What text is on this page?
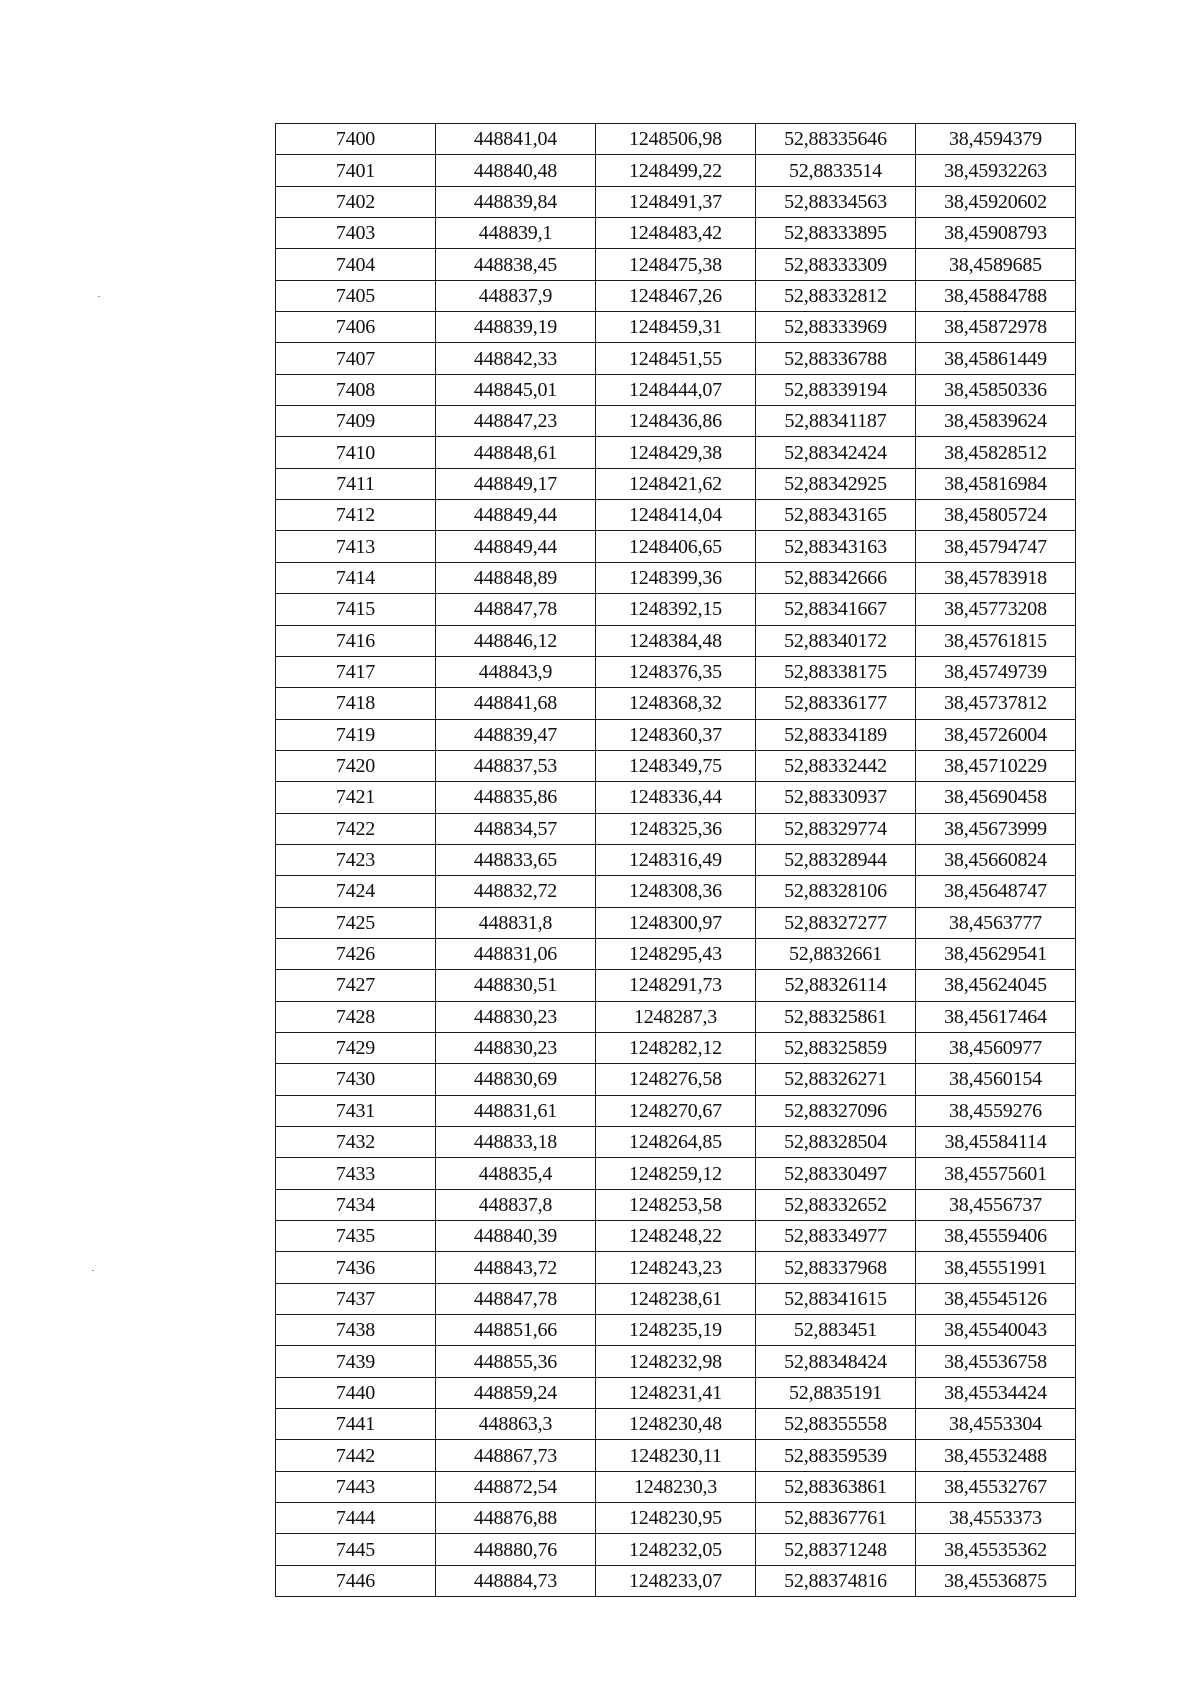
7400	448841,04	1248506,98	52,88335646	38,4594379
7401	448840,48	1248499,22	52,8833514	38,45932263
7402	448839,84	1248491,37	52,88334563	38,45920602
7403	448839,1	1248483,42	52,88333895	38,45908793
7404	448838,45	1248475,38	52,88333309	38,4589685
7405	448837,9	1248467,26	52,88332812	38,45884788
7406	448839,19	1248459,31	52,88333969	38,45872978
7407	448842,33	1248451,55	52,88336788	38,45861449
7408	448845,01	1248444,07	52,88339194	38,45850336
7409	448847,23	1248436,86	52,88341187	38,45839624
7410	448848,61	1248429,38	52,88342424	38,45828512
7411	448849,17	1248421,62	52,88342925	38,45816984
7412	448849,44	1248414,04	52,88343165	38,45805724
7413	448849,44	1248406,65	52,88343163	38,45794747
7414	448848,89	1248399,36	52,88342666	38,45783918
7415	448847,78	1248392,15	52,88341667	38,45773208
7416	448846,12	1248384,48	52,88340172	38,45761815
7417	448843,9	1248376,35	52,88338175	38,45749739
7418	448841,68	1248368,32	52,88336177	38,45737812
7419	448839,47	1248360,37	52,88334189	38,45726004
7420	448837,53	1248349,75	52,88332442	38,45710229
7421	448835,86	1248336,44	52,88330937	38,45690458
7422	448834,57	1248325,36	52,88329774	38,45673999
7423	448833,65	1248316,49	52,88328944	38,45660824
7424	448832,72	1248308,36	52,88328106	38,45648747
7425	448831,8	1248300,97	52,88327277	38,4563777
7426	448831,06	1248295,43	52,8832661	38,45629541
7427	448830,51	1248291,73	52,88326114	38,45624045
7428	448830,23	1248287,3	52,88325861	38,45617464
7429	448830,23	1248282,12	52,88325859	38,4560977
7430	448830,69	1248276,58	52,88326271	38,4560154
7431	448831,61	1248270,67	52,88327096	38,4559276
7432	448833,18	1248264,85	52,88328504	38,45584114
7433	448835,4	1248259,12	52,88330497	38,45575601
7434	448837,8	1248253,58	52,88332652	38,4556737
7435	448840,39	1248248,22	52,88334977	38,45559406
7436	448843,72	1248243,23	52,88337968	38,45551991
7437	448847,78	1248238,61	52,88341615	38,45545126
7438	448851,66	1248235,19	52,883451	38,45540043
7439	448855,36	1248232,98	52,88348424	38,45536758
7440	448859,24	1248231,41	52,8835191	38,45534424
7441	448863,3	1248230,48	52,88355558	38,4553304
7442	448867,73	1248230,11	52,88359539	38,45532488
7443	448872,54	1248230,3	52,88363861	38,45532767
7444	448876,88	1248230,95	52,88367761	38,4553373
7445	448880,76	1248232,05	52,88371248	38,45535362
7446	448884,73	1248233,07	52,88374816	38,45536875
